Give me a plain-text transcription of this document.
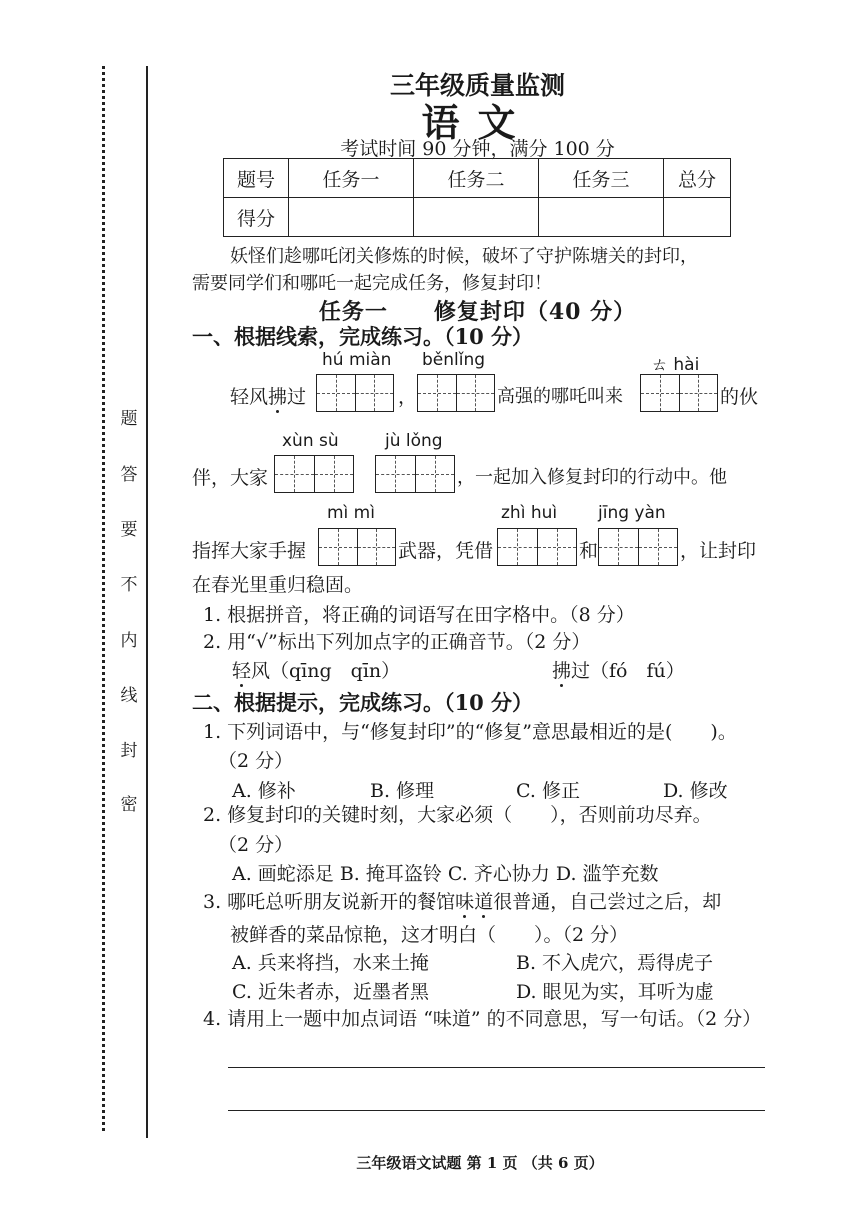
题
答
要
不
内
线
封
密
三年级质量监测
语文
考试时间 90 分钟，满分 100 分
题号	任务一	任务二	任务三	总分
得分				
妖怪们趁哪吒闭关修炼的时候，破坏了守护陈塘关的封印，
需要同学们和哪吒一起完成任务，修复封印！
任务一　　修复封印（40 分）
一、根据线索，完成练习。（10 分）
hú miàn běnlǐng	ㄊ hài
轻风拂过	，	高强的哪吒叫来	的伙
xùn sù	jù lǒng
伴，大家	，一起加入修复封印的行动中。他
mì mì	zhì huì jīng yàn
指挥大家手握	武器，凭借	和	，让封印
在春光里重归稳固。
1. 根据拼音，将正确的词语写在田字格中。（8 分）
2. 用“√”标出下列加点字的正确音节。（2 分）
轻风（qīng　qīn）	拂过（fó　fú）
二、根据提示，完成练习。（10 分）
1. 下列词语中，与“修复封印”的“修复”意思最相近的是(　　)。
（2 分）
A. 修补	B. 修理	C. 修正	D. 修改
2. 修复封印的关键时刻，大家必须（　　），否则前功尽弃。
（2 分）
A. 画蛇添足 B. 掩耳盗铃 C. 齐心协力 D. 滥竽充数
3. 哪吒总听朋友说新开的餐馆味道很普通，自己尝过之后，却
被鲜香的菜品惊艳，这才明白（　　）。（2 分）
A. 兵来将挡，水来土掩	B. 不入虎穴，焉得虎子
C. 近朱者赤，近墨者黑	D. 眼见为实，耳听为虚
4. 请用上一题中加点词语 “味道” 的不同意思，写一句话。（2 分）
三年级语文试题 第 1 页 （共 6 页）
